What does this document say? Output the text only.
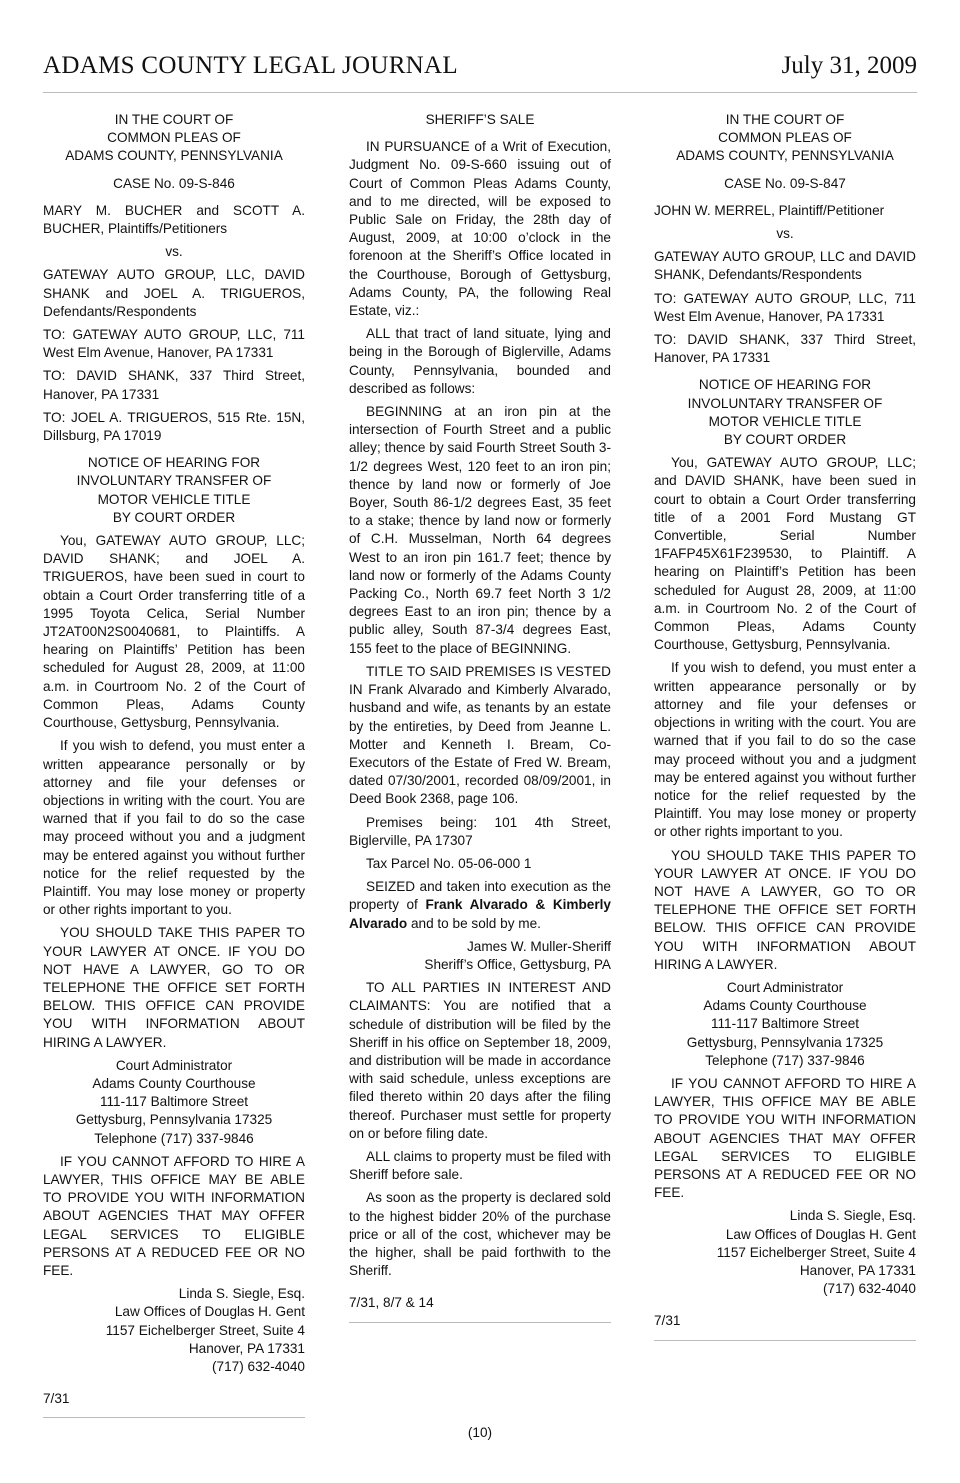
ADAMS COUNTY LEGAL JOURNAL	July 31, 2009

IN THE COURT OF
COMMON PLEAS OF
ADAMS COUNTY, PENNSYLVANIA

CASE No. 09-S-846

MARY M. BUCHER and SCOTT A. BUCHER, Plaintiffs/Petitioners

vs.

GATEWAY AUTO GROUP, LLC, DAVID SHANK and JOEL A. TRIGUEROS, Defendants/Respondents

TO: GATEWAY AUTO GROUP, LLC, 711 West Elm Avenue, Hanover, PA 17331

TO: DAVID SHANK, 337 Third Street, Hanover, PA 17331

TO: JOEL A. TRIGUEROS, 515 Rte. 15N, Dillsburg, PA 17019

NOTICE OF HEARING FOR
INVOLUNTARY TRANSFER OF
MOTOR VEHICLE TITLE
BY COURT ORDER

You, GATEWAY AUTO GROUP, LLC; DAVID SHANK; and JOEL A. TRIGUEROS, have been sued in court to obtain a Court Order transferring title of a 1995 Toyota Celica, Serial Number JT2AT00N2S0040681, to Plaintiffs. A hearing on Plaintiffs’ Petition has been scheduled for August 28, 2009, at 11:00 a.m. in Courtroom No. 2 of the Court of Common Pleas, Adams County Courthouse, Gettysburg, Pennsylvania.

If you wish to defend, you must enter a written appearance personally or by attorney and file your defenses or objections in writing with the court. You are warned that if you fail to do so the case may proceed without you and a judgment may be entered against you without further notice for the relief requested by the Plaintiff. You may lose money or property or other rights important to you.

YOU SHOULD TAKE THIS PAPER TO YOUR LAWYER AT ONCE. IF YOU DO NOT HAVE A LAWYER, GO TO OR TELEPHONE THE OFFICE SET FORTH BELOW. THIS OFFICE CAN PROVIDE YOU WITH INFORMATION ABOUT HIRING A LAWYER.

Court Administrator
Adams County Courthouse
111-117 Baltimore Street
Gettysburg, Pennsylvania 17325
Telephone (717) 337-9846

IF YOU CANNOT AFFORD TO HIRE A LAWYER, THIS OFFICE MAY BE ABLE TO PROVIDE YOU WITH INFORMATION ABOUT AGENCIES THAT MAY OFFER LEGAL SERVICES TO ELIGIBLE PERSONS AT A REDUCED FEE OR NO FEE.

Linda S. Siegle, Esq.
Law Offices of Douglas H. Gent
1157 Eichelberger Street, Suite 4
Hanover, PA 17331
(717) 632-4040

7/31

SHERIFF’S SALE

IN PURSUANCE of a Writ of Execution, Judgment No. 09-S-660 issuing out of Court of Common Pleas Adams County, and to me directed, will be exposed to Public Sale on Friday, the 28th day of August, 2009, at 10:00 o’clock in the forenoon at the Sheriff’s Office located in the Courthouse, Borough of Gettysburg, Adams County, PA, the following Real Estate, viz.:

ALL that tract of land situate, lying and being in the Borough of Biglerville, Adams County, Pennsylvania, bounded and described as follows:

BEGINNING at an iron pin at the intersection of Fourth Street and a public alley; thence by said Fourth Street South 3-1/2 degrees West, 120 feet to an iron pin; thence by land now or formerly of Joe Boyer, South 86-1/2 degrees East, 35 feet to a stake; thence by land now or formerly of C.H. Musselman, North 64 degrees West to an iron pin 161.7 feet; thence by land now or formerly of the Adams County Packing Co., North 69.7 feet North 3 1/2 degrees East to an iron pin; thence by a public alley, South 87-3/4 degrees East, 155 feet to the place of BEGINNING.

TITLE TO SAID PREMISES IS VESTED IN Frank Alvarado and Kimberly Alvarado, husband and wife, as tenants by an estate by the entireties, by Deed from Jeanne L. Motter and Kenneth I. Bream, Co-Executors of the Estate of Fred W. Bream, dated 07/30/2001, recorded 08/09/2001, in Deed Book 2368, page 106.

Premises being: 101 4th Street, Biglerville, PA 17307

Tax Parcel No. 05-06-000 1

SEIZED and taken into execution as the property of Frank Alvarado & Kimberly Alvarado and to be sold by me.

James W. Muller-Sheriff
Sheriff’s Office, Gettysburg, PA

TO ALL PARTIES IN INTEREST AND CLAIMANTS: You are notified that a schedule of distribution will be filed by the Sheriff in his office on September 18, 2009, and distribution will be made in accordance with said schedule, unless exceptions are filed thereto within 20 days after the filing thereof. Purchaser must settle for property on or before filing date.

ALL claims to property must be filed with Sheriff before sale.

As soon as the property is declared sold to the highest bidder 20% of the purchase price or all of the cost, whichever may be the higher, shall be paid forthwith to the Sheriff.

7/31, 8/7 & 14

IN THE COURT OF
COMMON PLEAS OF
ADAMS COUNTY, PENNSYLVANIA

CASE No. 09-S-847

JOHN W. MERREL, Plaintiff/Petitioner

vs.

GATEWAY AUTO GROUP, LLC and DAVID SHANK, Defendants/Respondents

TO: GATEWAY AUTO GROUP, LLC, 711 West Elm Avenue, Hanover, PA 17331

TO: DAVID SHANK, 337 Third Street, Hanover, PA 17331

NOTICE OF HEARING FOR
INVOLUNTARY TRANSFER OF
MOTOR VEHICLE TITLE
BY COURT ORDER

You, GATEWAY AUTO GROUP, LLC; and DAVID SHANK, have been sued in court to obtain a Court Order transferring title of a 2001 Ford Mustang GT Convertible, Serial Number 1FAFP45X61F239530, to Plaintiff. A hearing on Plaintiff’s Petition has been scheduled for August 28, 2009, at 11:00 a.m. in Courtroom No. 2 of the Court of Common Pleas, Adams County Courthouse, Gettysburg, Pennsylvania.

If you wish to defend, you must enter a written appearance personally or by attorney and file your defenses or objections in writing with the court. You are warned that if you fail to do so the case may proceed without you and a judgment may be entered against you without further notice for the relief requested by the Plaintiff. You may lose money or property or other rights important to you.

YOU SHOULD TAKE THIS PAPER TO YOUR LAWYER AT ONCE. IF YOU DO NOT HAVE A LAWYER, GO TO OR TELEPHONE THE OFFICE SET FORTH BELOW. THIS OFFICE CAN PROVIDE YOU WITH INFORMATION ABOUT HIRING A LAWYER.

Court Administrator
Adams County Courthouse
111-117 Baltimore Street
Gettysburg, Pennsylvania 17325
Telephone (717) 337-9846

IF YOU CANNOT AFFORD TO HIRE A LAWYER, THIS OFFICE MAY BE ABLE TO PROVIDE YOU WITH INFORMATION ABOUT AGENCIES THAT MAY OFFER LEGAL SERVICES TO ELIGIBLE PERSONS AT A REDUCED FEE OR NO FEE.

Linda S. Siegle, Esq.
Law Offices of Douglas H. Gent
1157 Eichelberger Street, Suite 4
Hanover, PA 17331
(717) 632-4040

7/31

(10)
